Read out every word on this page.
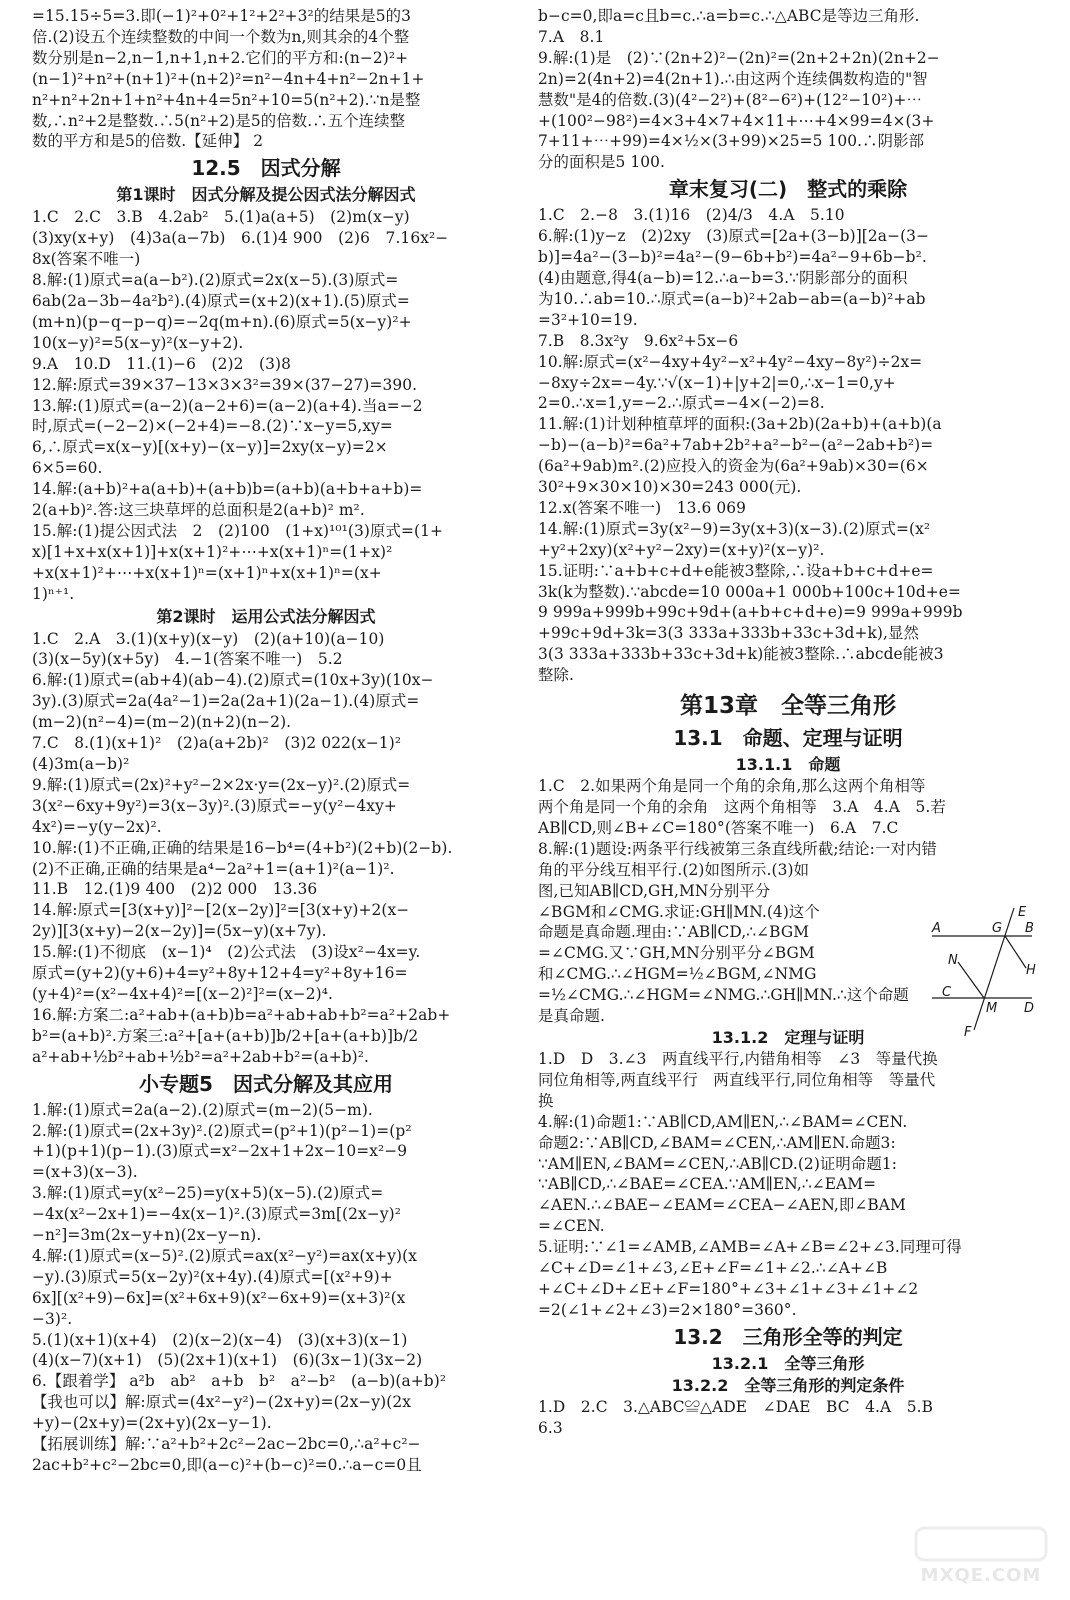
=15.15÷5=3.即(−1)²+0²+1²+2²+3²的结果是5的3
倍.(2)设五个连续整数的中间一个数为n,则其余的4个整
数分别是n−2,n−1,n+1,n+2.它们的平方和:(n−2)²+
(n−1)²+n²+(n+1)²+(n+2)²=n²−4n+4+n²−2n+1+
n²+n²+2n+1+n²+4n+4=5n²+10=5(n²+2).∵n是整
数,∴n²+2是整数.∴5(n²+2)是5的倍数.∴五个连续整
数的平方和是5的倍数.【延伸】 2
12.5　因式分解
第1课时　因式分解及提公因式法分解因式
1.C　2.C　3.B　4.2ab²　5.(1)a(a+5)　(2)m(x−y)
(3)xy(x+y)　(4)3a(a−7b)　6.(1)4 900　(2)6　7.16x²−
8x(答案不唯一)
8.解:(1)原式=a(a−b²).(2)原式=2x(x−5).(3)原式=
6ab(2a−3b−4a²b²).(4)原式=(x+2)(x+1).(5)原式=
(m+n)(p−q−p−q)=−2q(m+n).(6)原式=5(x−y)²+
10(x−y)²=5(x−y)²(x−y+2).
9.A　10.D　11.(1)−6　(2)2　(3)8
12.解:原式=39×37−13×3×3²=39×(37−27)=390.
13.解:(1)原式=(a−2)(a−2+6)=(a−2)(a+4).当a=−2
时,原式=(−2−2)×(−2+4)=−8.(2)∵x−y=5,xy=
6,∴原式=x(x−y)[(x+y)−(x−y)]=2xy(x−y)=2×
6×5=60.
14.解:(a+b)²+a(a+b)+(a+b)b=(a+b)(a+b+a+b)=
2(a+b)².答:这三块草坪的总面积是2(a+b)² m².
15.解:(1)提公因式法　2　(2)100　(1+x)¹⁰¹(3)原式=(1+
x)[1+x+x(x+1)]+x(x+1)²+⋯+x(x+1)ⁿ=(1+x)²
+x(x+1)²+⋯+x(x+1)ⁿ=(x+1)ⁿ+x(x+1)ⁿ=(x+
1)ⁿ⁺¹.
第2课时　运用公式法分解因式
1.C　2.A　3.(1)(x+y)(x−y)　(2)(a+10)(a−10)
(3)(x−5y)(x+5y)　4.−1(答案不唯一)　5.2
6.解:(1)原式=(ab+4)(ab−4).(2)原式=(10x+3y)(10x−
3y).(3)原式=2a(4a²−1)=2a(2a+1)(2a−1).(4)原式=
(m−2)(n²−4)=(m−2)(n+2)(n−2).
7.C　8.(1)(x+1)²　(2)a(a+2b)²　(3)2 022(x−1)²
(4)3m(a−b)²
9.解:(1)原式=(2x)²+y²−2×2x·y=(2x−y)².(2)原式=
3(x²−6xy+9y²)=3(x−3y)².(3)原式=−y(y²−4xy+
4x²)=−y(y−2x)².
10.解:(1)不正确,正确的结果是16−b⁴=(4+b²)(2+b)(2−b).
(2)不正确,正确的结果是a⁴−2a²+1=(a+1)²(a−1)².
11.B　12.(1)9 400　(2)2 000　13.36
14.解:原式=[3(x+y)]²−[2(x−2y)]²=[3(x+y)+2(x−
2y)][3(x+y)−2(x−2y)]=(5x−y)(x+7y).
15.解:(1)不彻底　(x−1)⁴　(2)公式法　(3)设x²−4x=y.
原式=(y+2)(y+6)+4=y²+8y+12+4=y²+8y+16=
(y+4)²=(x²−4x+4)²=[(x−2)²]²=(x−2)⁴.
16.解:方案二:a²+ab+(a+b)b=a²+ab+ab+b²=a²+2ab+
b²=(a+b)².方案三:a²+[a+(a+b)]b/2+[a+(a+b)]b/2
a²+ab+½b²+ab+½b²=a²+2ab+b²=(a+b)².
小专题5　因式分解及其应用
1.解:(1)原式=2a(a−2).(2)原式=(m−2)(5−m).
2.解:(1)原式=(2x+3y)².(2)原式=(p²+1)(p²−1)=(p²
+1)(p+1)(p−1).(3)原式=x²−2x+1+2x−10=x²−9
=(x+3)(x−3).
3.解:(1)原式=y(x²−25)=y(x+5)(x−5).(2)原式=
−4x(x²−2x+1)=−4x(x−1)².(3)原式=3m[(2x−y)²
−n²]=3m(2x−y+n)(2x−y−n).
4.解:(1)原式=(x−5)².(2)原式=ax(x²−y²)=ax(x+y)(x
−y).(3)原式=5(x−2y)²(x+4y).(4)原式=[(x²+9)+
6x][(x²+9)−6x]=(x²+6x+9)(x²−6x+9)=(x+3)²(x
−3)².
5.(1)(x+1)(x+4)　(2)(x−2)(x−4)　(3)(x+3)(x−1)
(4)(x−7)(x+1)　(5)(2x+1)(x+1)　(6)(3x−1)(3x−2)
6.【跟着学】 a²b　ab²　a+b　b²　a²−b²　(a−b)(a+b)²
【我也可以】解:原式=(4x²−y²)−(2x+y)=(2x−y)(2x
+y)−(2x+y)=(2x+y)(2x−y−1).
【拓展训练】解:∵a²+b²+2c²−2ac−2bc=0,∴a²+c²−
2ac+b²+c²−2bc=0,即(a−c)²+(b−c)²=0.∴a−c=0且
b−c=0,即a=c且b=c.∴a=b=c.∴△ABC是等边三角形.
7.A　8.1
9.解:(1)是　(2)∵(2n+2)²−(2n)²=(2n+2+2n)(2n+2−
2n)=2(4n+2)=4(2n+1).∴由这两个连续偶数构造的"智
慧数"是4的倍数.(3)(4²−2²)+(8²−6²)+(12²−10²)+⋯
+(100²−98²)=4×3+4×7+4×11+⋯+4×99=4×(3+
7+11+⋯+99)=4×½×(3+99)×25=5 100.∴阴影部
分的面积是5 100.
章末复习(二)　整式的乘除
1.C　2.−8　3.(1)16　(2)4/3　4.A　5.10
6.解:(1)y−z　(2)2xy　(3)原式=[2a+(3−b)][2a−(3−
b)]=4a²−(3−b)²=4a²−(9−6b+b²)=4a²−9+6b−b².
(4)由题意,得4(a−b)=12.∴a−b=3.∵阴影部分的面积
为10.∴ab=10.∴原式=(a−b)²+2ab−ab=(a−b)²+ab
=3²+10=19.
7.B　8.3x²y　9.6x²+5x−6
10.解:原式=(x²−4xy+4y²−x²+4y²−4xy−8y²)÷2x=
−8xy÷2x=−4y.∵√(x−1)+|y+2|=0,∴x−1=0,y+
2=0.∴x=1,y=−2.∴原式=−4×(−2)=8.
11.解:(1)计划种植草坪的面积:(3a+2b)(2a+b)+(a+b)(a
−b)−(a−b)²=6a²+7ab+2b²+a²−b²−(a²−2ab+b²)=
(6a²+9ab)m².(2)应投入的资金为(6a²+9ab)×30=(6×
30²+9×30×10)×30=243 000(元).
12.x(答案不唯一)　13.6 069
14.解:(1)原式=3y(x²−9)=3y(x+3)(x−3).(2)原式=(x²
+y²+2xy)(x²+y²−2xy)=(x+y)²(x−y)².
15.证明:∵a+b+c+d+e能被3整除,∴设a+b+c+d+e=
3k(k为整数).∵abcde=10 000a+1 000b+100c+10d+e=
9 999a+999b+99c+9d+(a+b+c+d+e)=9 999a+999b
+99c+9d+3k=3(3 333a+333b+33c+3d+k),显然
3(3 333a+333b+33c+3d+k)能被3整除.∴abcde能被3
整除.
第13章　全等三角形
13.1　命题、定理与证明
13.1.1　命题
1.C　2.如果两个角是同一个角的余角,那么这两个角相等
两个角是同一个角的余角　这两个角相等　3.A　4.A　5.若
AB∥CD,则∠B+∠C=180°(答案不唯一)　6.A　7.C
8.解:(1)题设:两条平行线被第三条直线所截;结论:一对内错
角的平分线互相平行.(2)如图所示.(3)如
图,已知AB∥CD,GH,MN分别平分
∠BGM和∠CMG.求证:GH∥MN.(4)这个
命题是真命题.理由:∵AB∥CD,∴∠BGM
=∠CMG.又∵GH,MN分别平分∠BGM
和∠CMG.∴∠HGM=½∠BGM,∠NMG
=½∠CMG.∴∠HGM=∠NMG.∴GH∥MN.∴这个命题
是真命题.
13.1.2　定理与证明
1.D　D　3.∠3　两直线平行,内错角相等　∠3　等量代换
同位角相等,两直线平行　两直线平行,同位角相等　等量代
换
4.解:(1)命题1:∵AB∥CD,AM∥EN,∴∠BAM=∠CEN.
命题2:∵AB∥CD,∠BAM=∠CEN,∴AM∥EN.命题3:
∵AM∥EN,∠BAM=∠CEN,∴AB∥CD.(2)证明命题1:
∵AB∥CD,∴∠BAE=∠CEA.∵AM∥EN,∴∠EAM=
∠AEN.∴∠BAE−∠EAM=∠CEA−∠AEN,即∠BAM
=∠CEN.
5.证明:∵∠1=∠AMB,∠AMB=∠A+∠B=∠2+∠3.同理可得
∠C+∠D=∠1+∠3,∠E+∠F=∠1+∠2.∴∠A+∠B
+∠C+∠D+∠E+∠F=180°+∠3+∠1+∠3+∠1+∠2
=2(∠1+∠2+∠3)=2×180°=360°.
13.2　三角形全等的判定
13.2.1　全等三角形
13.2.2　全等三角形的判定条件
1.D　2.C　3.△ABC≌△ADE　∠DAE　BC　4.A　5.B
6.3
A	G
E
B
N
H
C
M D
F
MXQE.COM
